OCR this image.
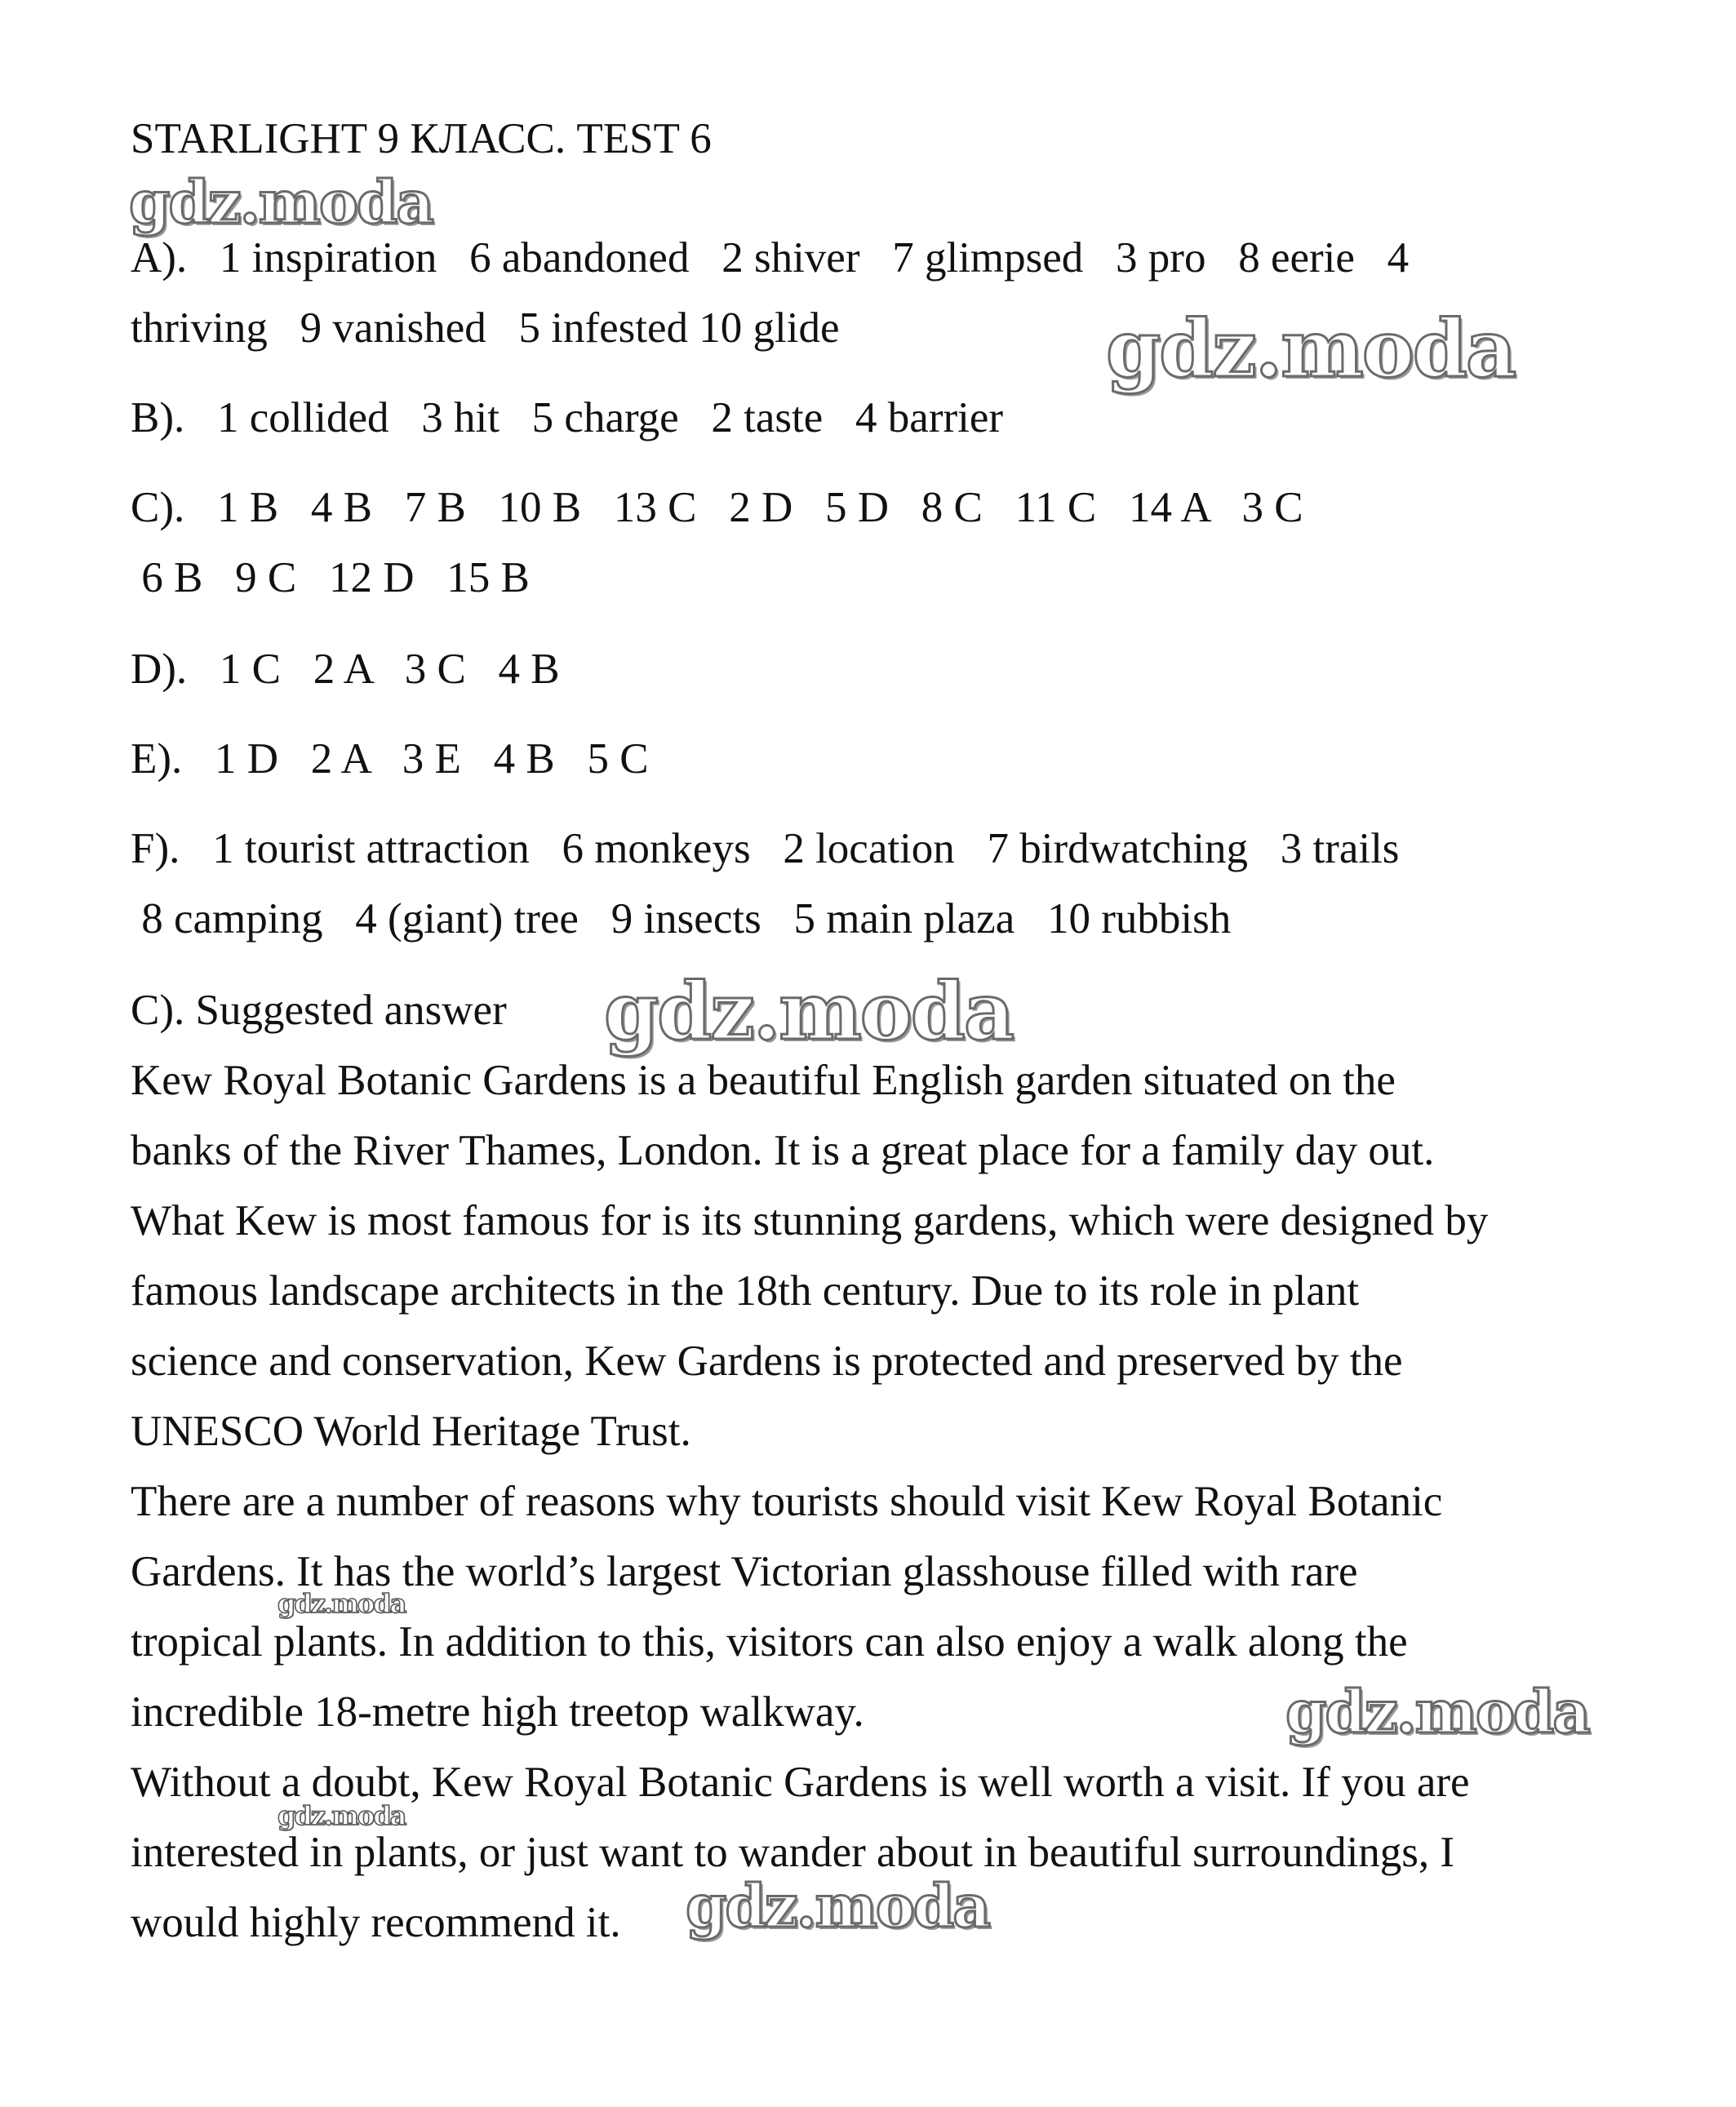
STARLIGHT 9 КЛАСС. TEST 6

A).   1 inspiration   6 abandoned   2 shiver   7 glimpsed   3 pro   8 eerie   4

thriving   9 vanished   5 infested 10 glide

B).   1 collided   3 hit   5 charge   2 taste   4 barrier

C).   1 B   4 B   7 B   10 B   13 C   2 D   5 D   8 C   11 C   14 A   3 C

6 B   9 C   12 D   15 B

D).   1 C   2 A   3 C   4 B

E).   1 D   2 A   3 E   4 B   5 C

F).   1 tourist attraction   6 monkeys   2 location   7 birdwatching   3 trails

8 camping   4 (giant) tree   9 insects   5 main plaza   10 rubbish

C). Suggested answer

Kew Royal Botanic Gardens is a beautiful English garden situated on the

banks of the River Thames, London. It is a great place for a family day out.

What Kew is most famous for is its stunning gardens, which were designed by

famous landscape architects in the 18th century. Due to its role in plant

science and conservation, Kew Gardens is protected and preserved by the

UNESCO World Heritage Trust.

There are a number of reasons why tourists should visit Kew Royal Botanic

Gardens. It has the world’s largest Victorian glasshouse filled with rare

tropical plants. In addition to this, visitors can also enjoy a walk along the

incredible 18-metre high treetop walkway.

Without a doubt, Kew Royal Botanic Gardens is well worth a visit. If you are

interested in plants, or just want to wander about in beautiful surroundings, I

would highly recommend it.

gdz.moda
gdz.moda
gdz.moda
gdz.moda
gdz.moda
gdz.moda
gdz.moda
